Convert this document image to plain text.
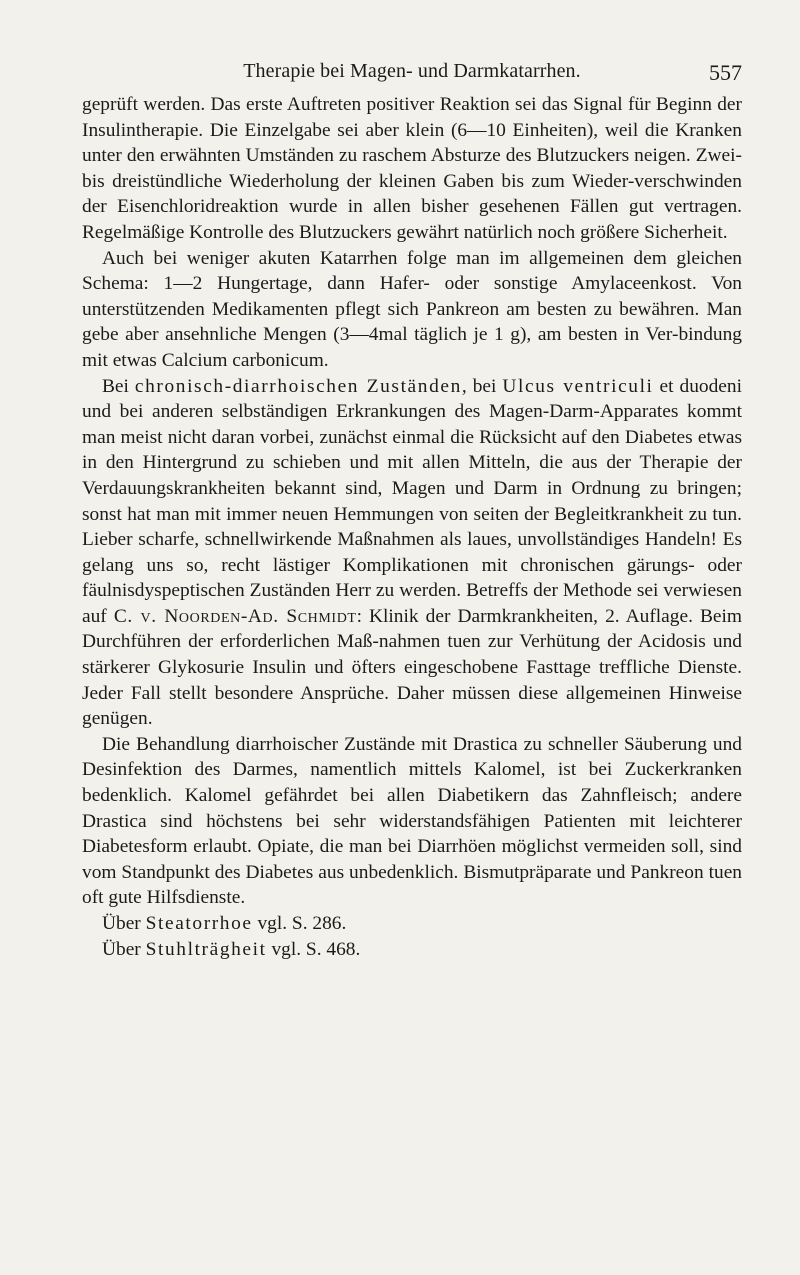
Therapie bei Magen- und Darmkatarrhen.	557

geprüft werden. Das erste Auftreten positiver Reaktion sei das Signal für Beginn der Insulintherapie. Die Einzelgabe sei aber klein (6—10 Einheiten), weil die Kranken unter den erwähnten Umständen zu raschem Absturze des Blutzuckers neigen. Zwei- bis dreistündliche Wiederholung der kleinen Gaben bis zum Wieder-verschwinden der Eisenchloridreaktion wurde in allen bisher gesehenen Fällen gut vertragen. Regelmäßige Kontrolle des Blutzuckers gewährt natürlich noch größere Sicherheit.

Auch bei weniger akuten Katarrhen folge man im allgemeinen dem gleichen Schema: 1—2 Hungertage, dann Hafer- oder sonstige Amylaceenkost. Von unterstützenden Medikamenten pflegt sich Pankreon am besten zu bewähren. Man gebe aber ansehnliche Mengen (3—4mal täglich je 1 g), am besten in Ver-bindung mit etwas Calcium carbonicum.

Bei chronisch-diarrhoischen Zuständen, bei Ulcus ventriculi et duodeni und bei anderen selbständigen Erkrankungen des Magen-Darm-Apparates kommt man meist nicht daran vorbei, zunächst einmal die Rücksicht auf den Diabetes etwas in den Hintergrund zu schieben und mit allen Mitteln, die aus der Therapie der Verdauungskrankheiten bekannt sind, Magen und Darm in Ordnung zu bringen; sonst hat man mit immer neuen Hemmungen von seiten der Begleitkrankheit zu tun. Lieber scharfe, schnellwirkende Maßnahmen als laues, unvollständiges Handeln! Es gelang uns so, recht lästiger Komplikationen mit chronischen gärungs- oder fäulnisdyspeptischen Zuständen Herr zu werden. Betreffs der Methode sei verwiesen auf C. v. Noorden-Ad. Schmidt: Klinik der Darmkrankheiten, 2. Auflage. Beim Durchführen der erforderlichen Maß-nahmen tuen zur Verhütung der Acidosis und stärkerer Glykosurie Insulin und öfters eingeschobene Fasttage treffliche Dienste. Jeder Fall stellt besondere Ansprüche. Daher müssen diese allgemeinen Hinweise genügen.

Die Behandlung diarrhoischer Zustände mit Drastica zu schneller Säuberung und Desinfektion des Darmes, namentlich mittels Kalomel, ist bei Zuckerkranken bedenklich. Kalomel gefährdet bei allen Diabetikern das Zahnfleisch; andere Drastica sind höchstens bei sehr widerstandsfähigen Patienten mit leichterer Diabetesform erlaubt. Opiate, die man bei Diarrhöen möglichst vermeiden soll, sind vom Standpunkt des Diabetes aus unbedenklich. Bismutpräparate und Pankreon tuen oft gute Hilfsdienste.

Über Steatorrhoe vgl. S. 286.

Über Stuhlträgheit vgl. S. 468.
